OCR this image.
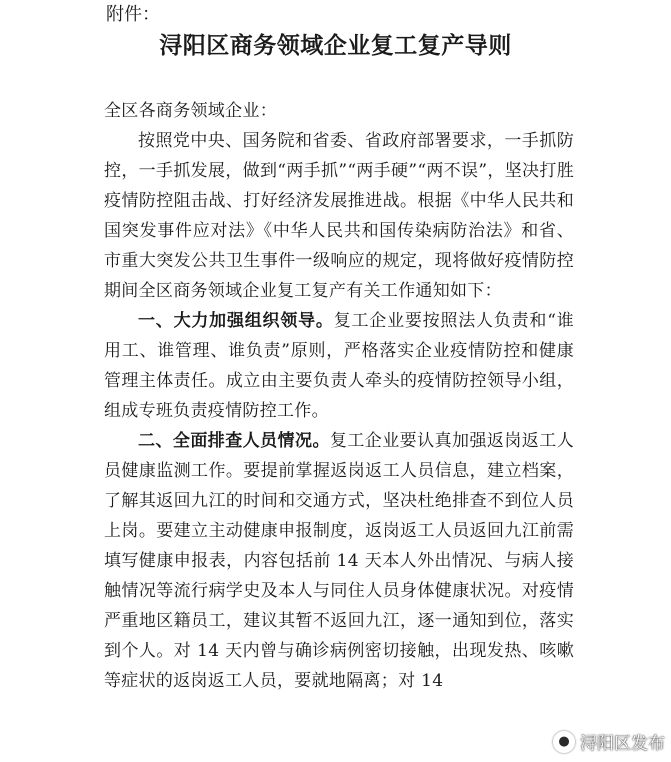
附件：
浔阳区商务领域企业复工复产导则

全区各商务领域企业：

按照党中央、国务院和省委、省政府部署要求，一手抓防控，一手抓发展，做到“两手抓”“两手硬”“两不误”，坚决打胜疫情防控阻击战、打好经济发展推进战。根据《中华人民共和国突发事件应对法》《中华人民共和国传染病防治法》和省、市重大突发公共卫生事件一级响应的规定，现将做好疫情防控期间全区商务领域企业复工复产有关工作通知如下：

一、大力加强组织领导。复工企业要按照法人负责和“谁用工、谁管理、谁负责”原则，严格落实企业疫情防控和健康管理主体责任。成立由主要负责人牵头的疫情防控领导小组，组成专班负责疫情防控工作。

二、全面排查人员情况。复工企业要认真加强返岗返工人员健康监测工作。要提前掌握返岗返工人员信息，建立档案，了解其返回九江的时间和交通方式，坚决杜绝排查不到位人员上岗。要建立主动健康申报制度，返岗返工人员返回九江前需填写健康申报表，内容包括前 14 天本人外出情况、与病人接触情况等流行病学史及本人与同住人员身体健康状况。对疫情严重地区籍员工，建议其暂不返回九江，逐一通知到位，落实到个人。对 14 天内曾与确诊病例密切接触，出现发热、咳嗽等症状的返岗返工人员，要就地隔离；对 14

● 浔阳区发布
